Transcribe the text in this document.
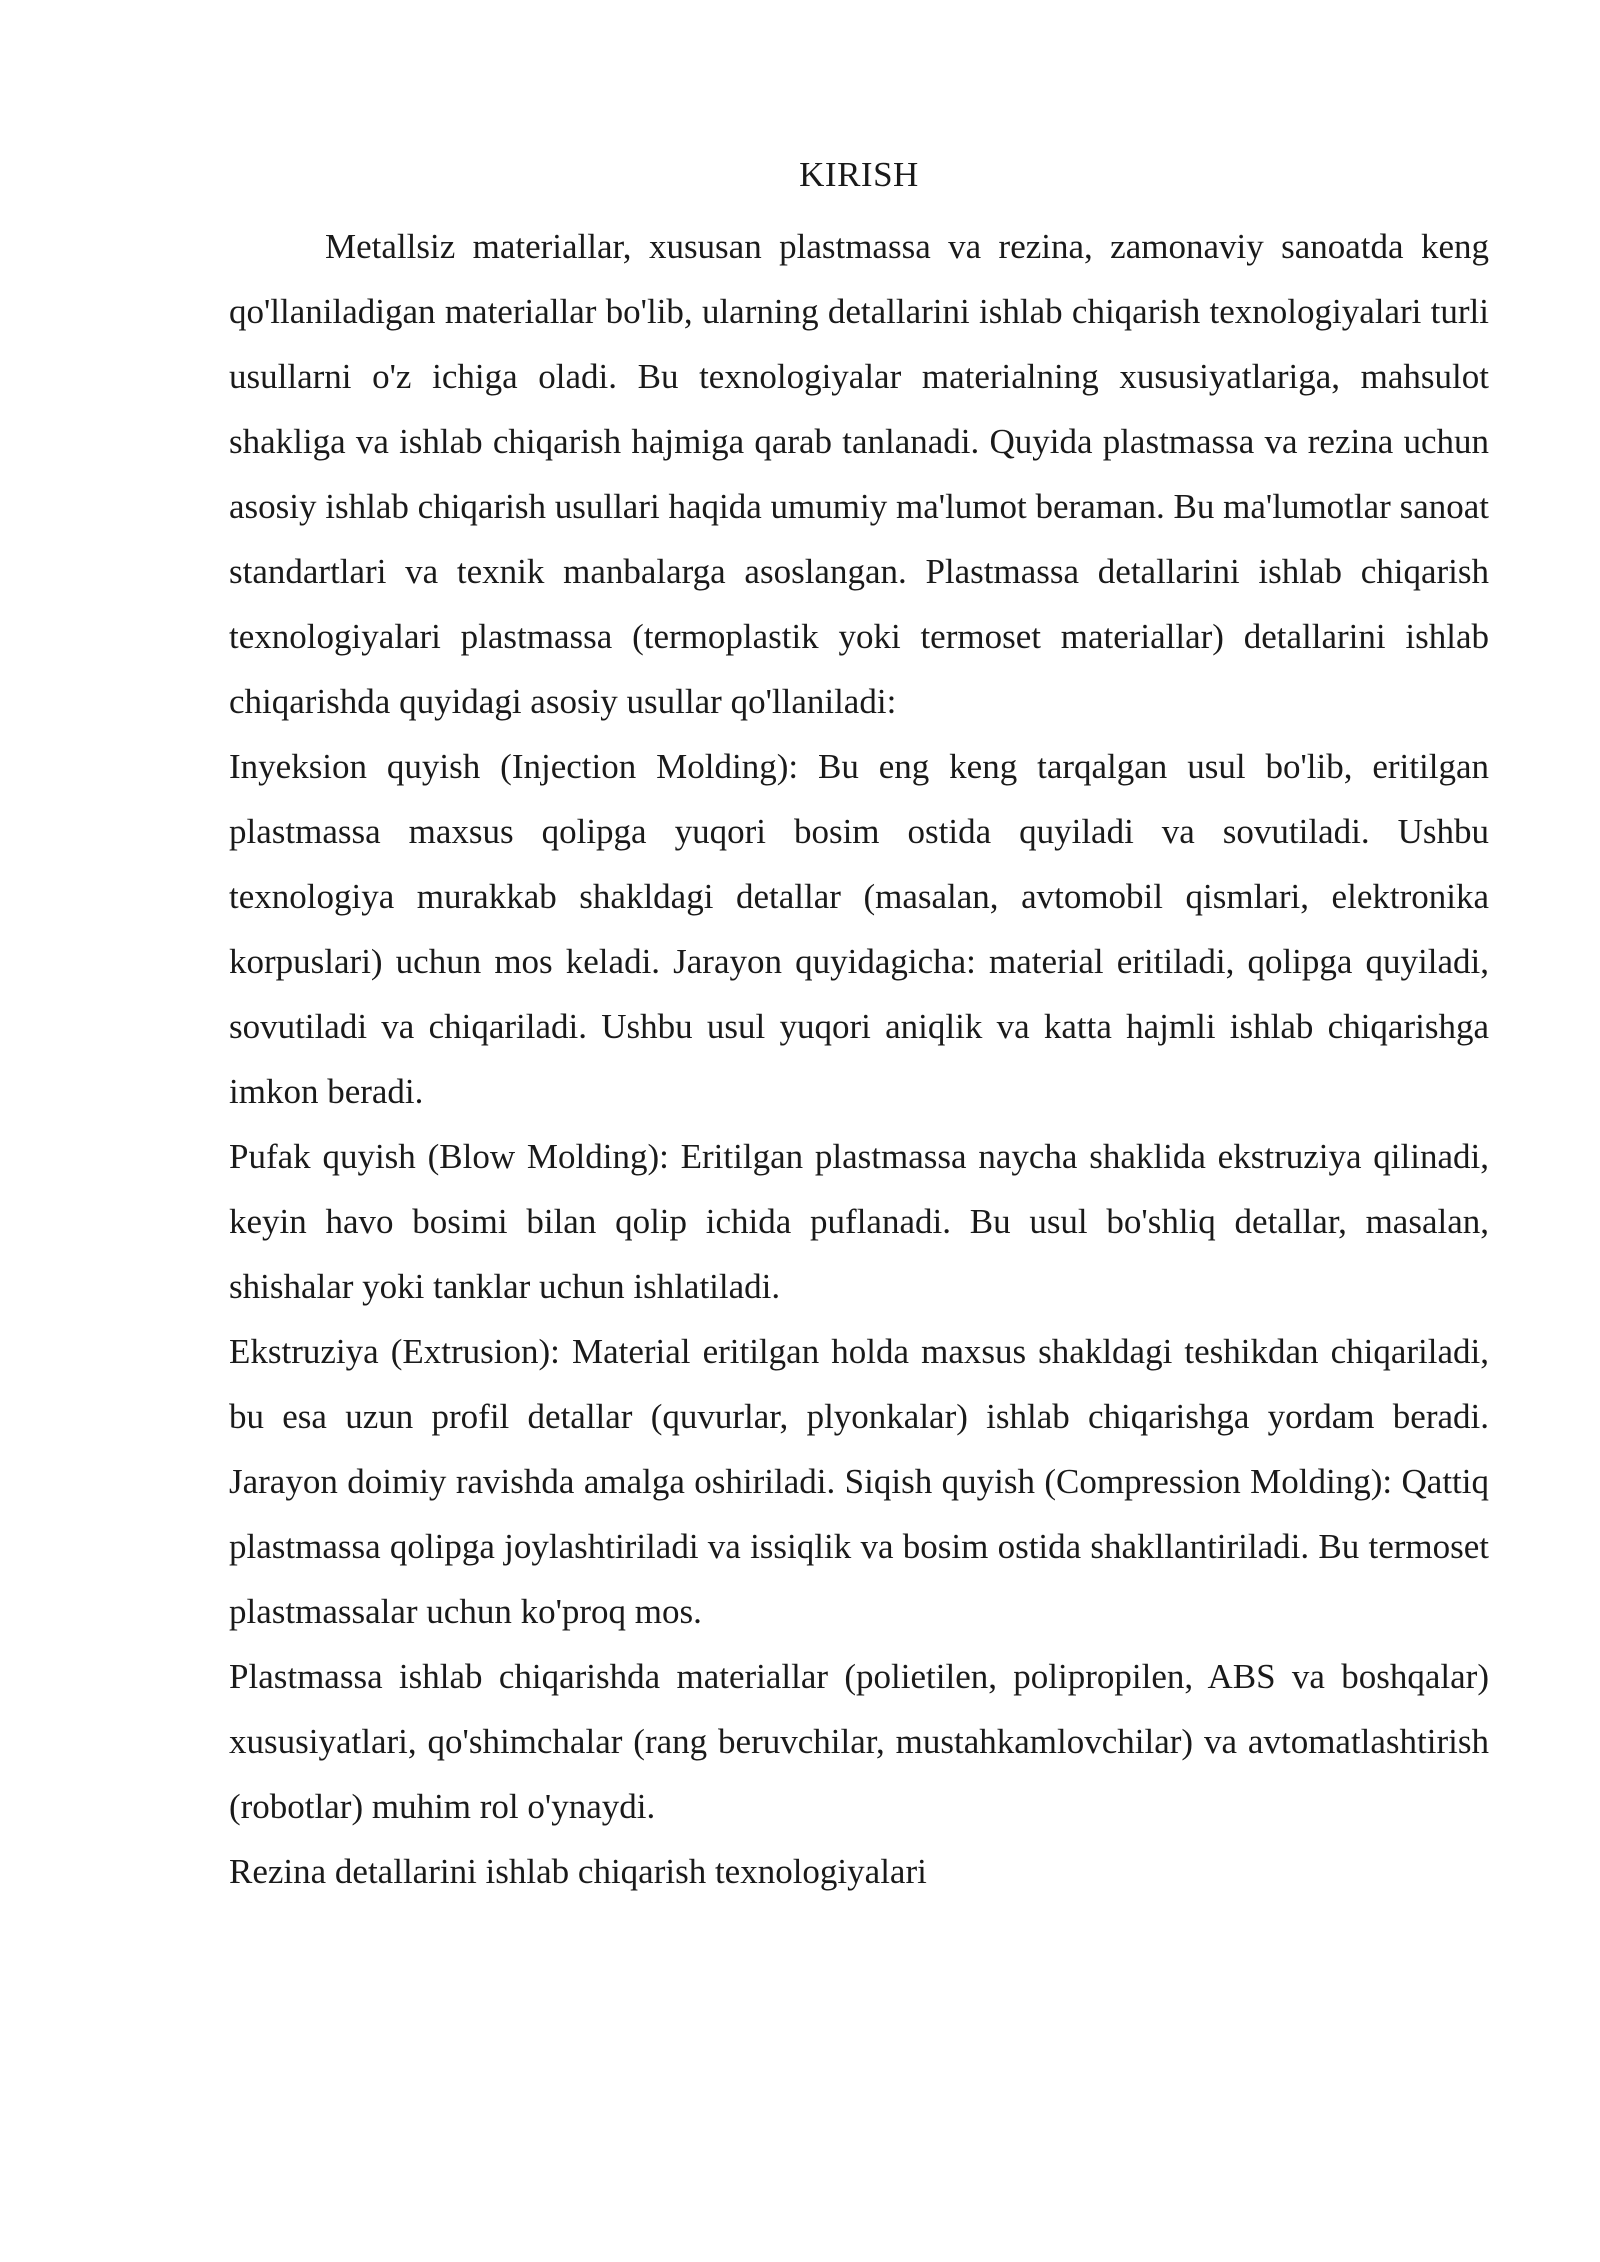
KIRISH

Metallsiz materiallar, xususan plastmassa va rezina, zamonaviy sanoatda keng qo'llaniladigan materiallar bo'lib, ularning detallarini ishlab chiqarish texnologiyalari turli usullarni o'z ichiga oladi. Bu texnologiyalar materialning xususiyatlariga, mahsulot shakliga va ishlab chiqarish hajmiga qarab tanlanadi. Quyida plastmassa va rezina uchun asosiy ishlab chiqarish usullari haqida umumiy ma'lumot beraman. Bu ma'lumotlar sanoat standartlari va texnik manbalarga asoslangan. Plastmassa detallarini ishlab chiqarish texnologiyalari plastmassa (termoplastik yoki termoset materiallar) detallarini ishlab chiqarishda quyidagi asosiy usullar qo'llaniladi:

Inyeksion quyish (Injection Molding): Bu eng keng tarqalgan usul bo'lib, eritilgan plastmassa maxsus qolipga yuqori bosim ostida quyiladi va sovutiladi. Ushbu texnologiya murakkab shakldagi detallar (masalan, avtomobil qismlari, elektronika korpuslari) uchun mos keladi. Jarayon quyidagicha: material eritiladi, qolipga quyiladi, sovutiladi va chiqariladi. Ushbu usul yuqori aniqlik va katta hajmli ishlab chiqarishga imkon beradi.

Pufak quyish (Blow Molding): Eritilgan plastmassa naycha shaklida ekstruziya qilinadi, keyin havo bosimi bilan qolip ichida puflanadi. Bu usul bo'shliq detallar, masalan, shishalar yoki tanklar uchun ishlatiladi.

Ekstruziya (Extrusion): Material eritilgan holda maxsus shakldagi teshikdan chiqariladi, bu esa uzun profil detallar (quvurlar, plyonkalar) ishlab chiqarishga yordam beradi. Jarayon doimiy ravishda amalga oshiriladi. Siqish quyish (Compression Molding): Qattiq plastmassa qolipga joylashtiriladi va issiqlik va bosim ostida shakllantiriladi. Bu termoset plastmassalar uchun ko'proq mos.

Plastmassa ishlab chiqarishda materiallar (polietilen, polipropilen, ABS va boshqalar) xususiyatlari, qo'shimchalar (rang beruvchilar, mustahkamlovchilar) va avtomatlashtirish (robotlar) muhim rol o'ynaydi.

Rezina detallarini ishlab chiqarish texnologiyalari
